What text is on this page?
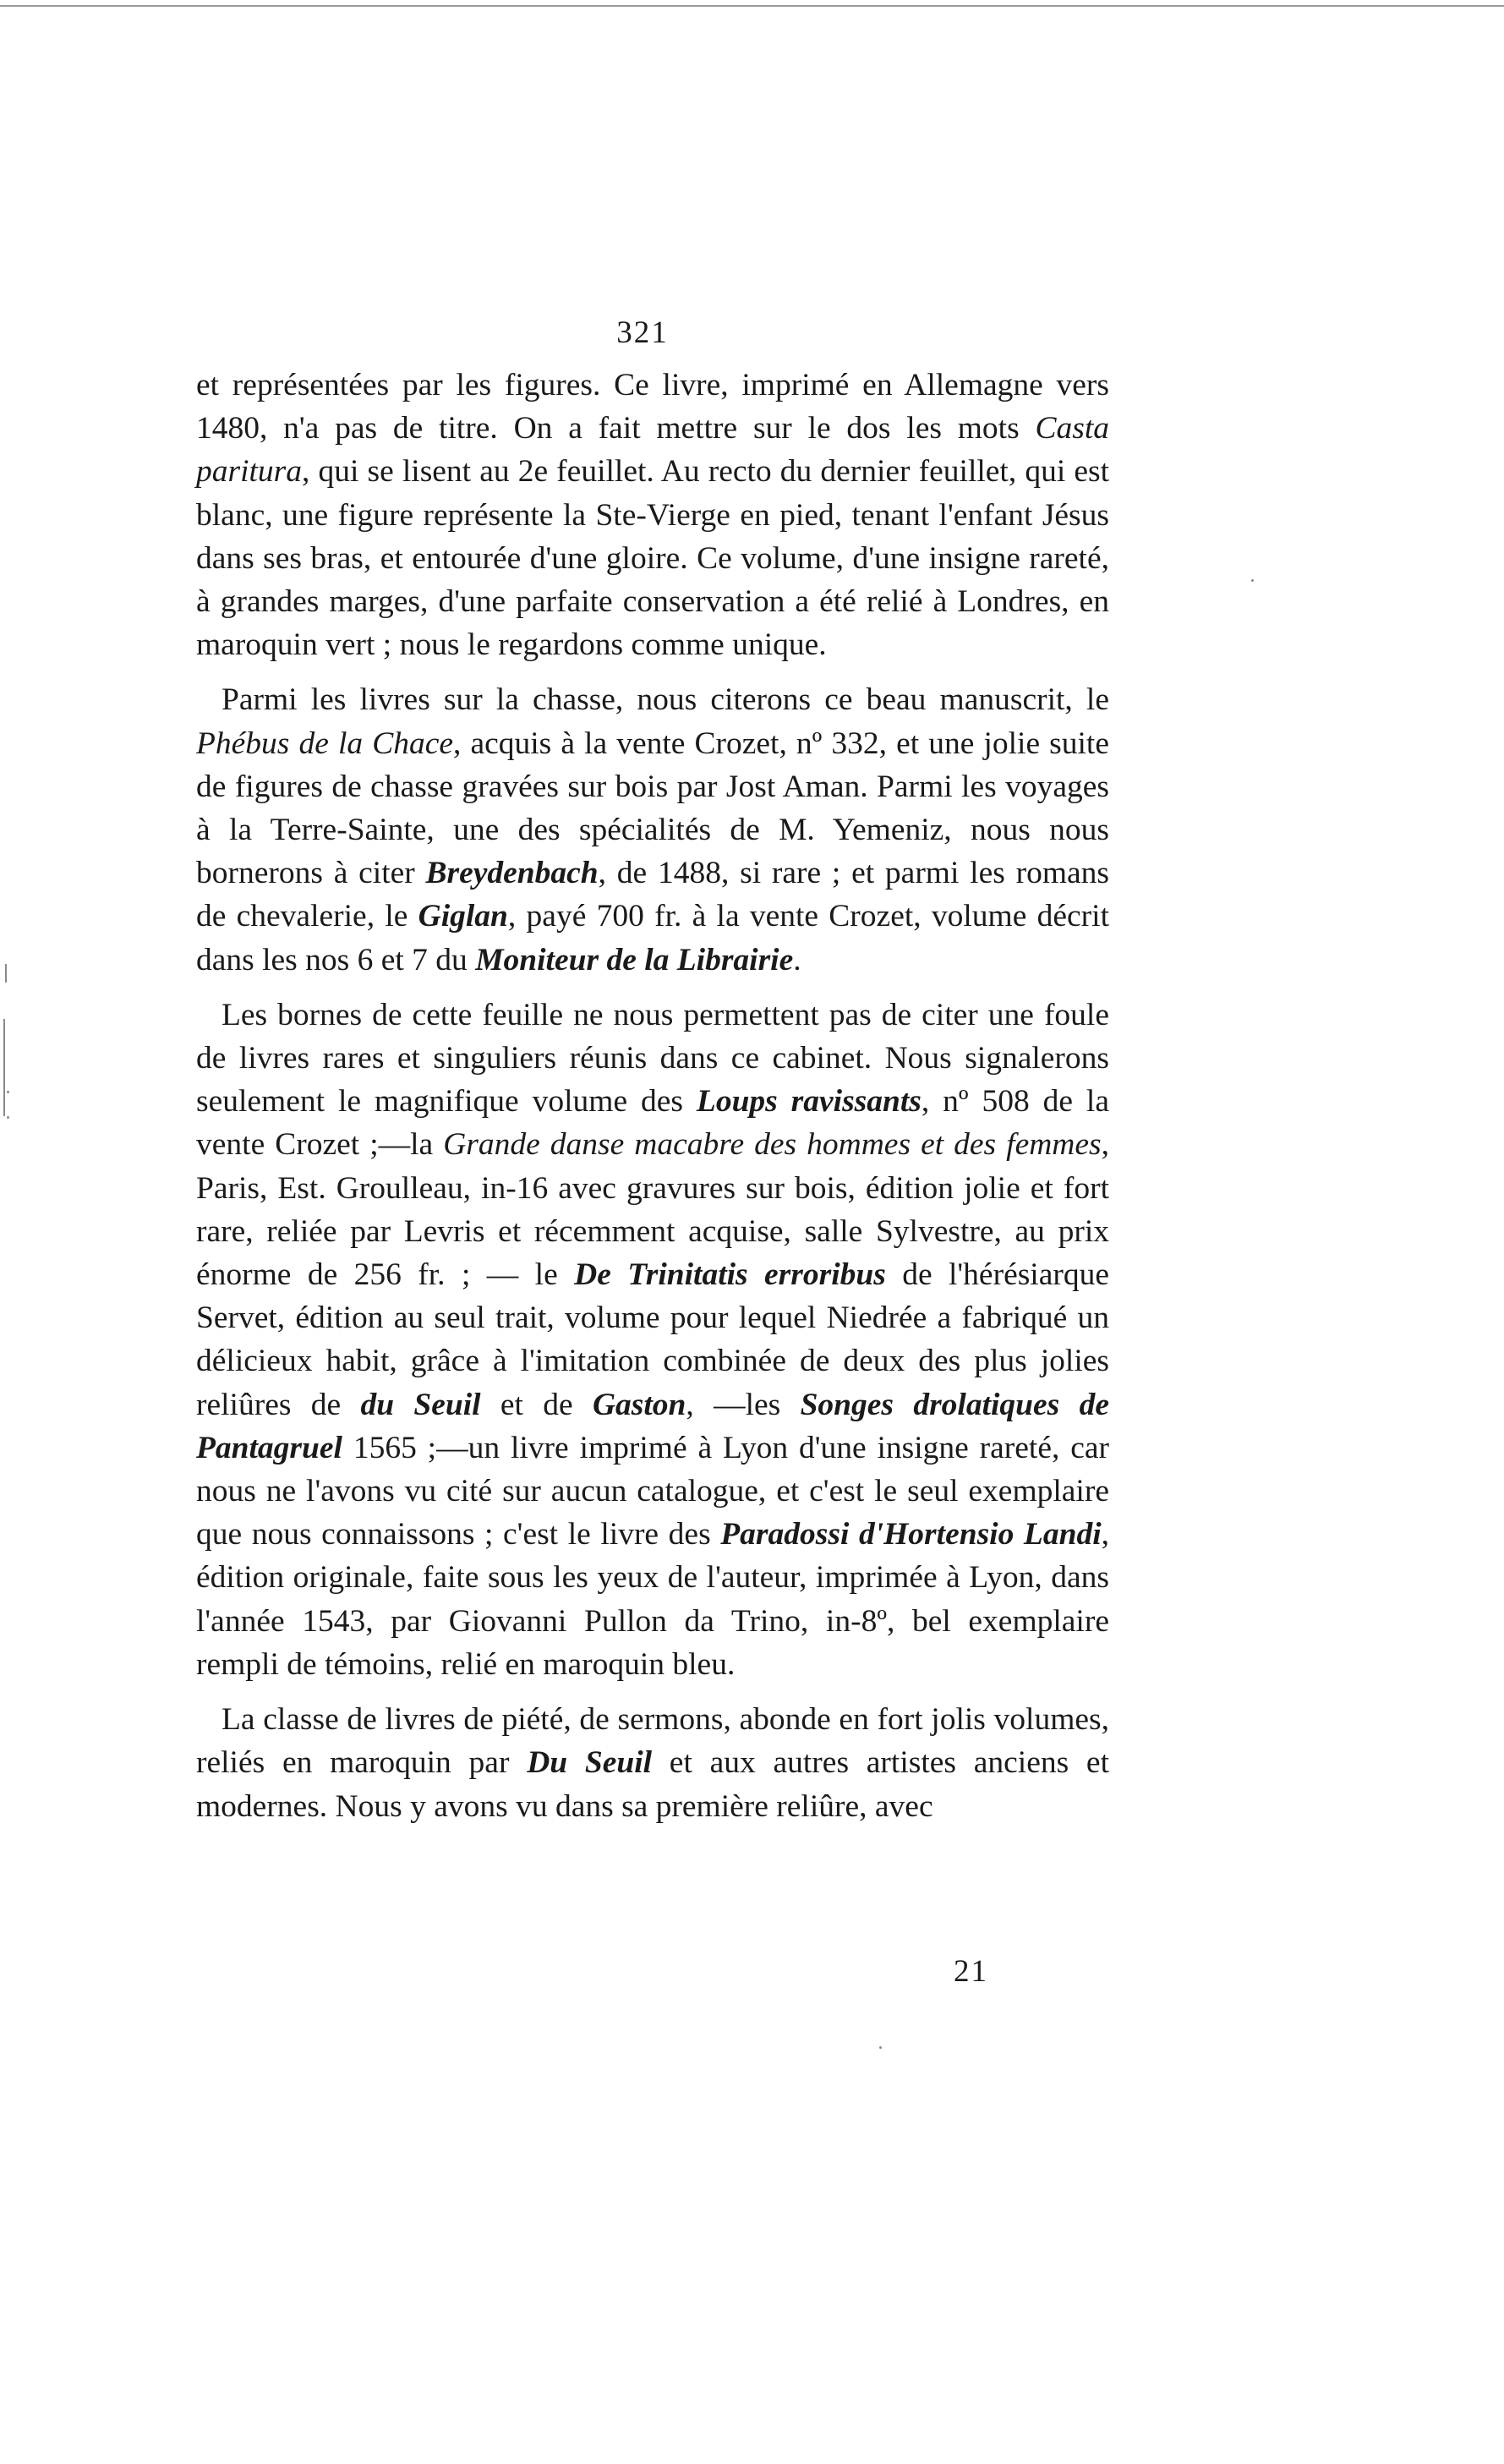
321

et représentées par les figures. Ce livre, imprimé en Allemagne vers 1480, n'a pas de titre. On a fait mettre sur le dos les mots Casta paritura, qui se lisent au 2e feuillet. Au recto du dernier feuillet, qui est blanc, une figure représente la Ste-Vierge en pied, tenant l'enfant Jésus dans ses bras, et entourée d'une gloire. Ce volume, d'une insigne rareté, à grandes marges, d'une parfaite conservation a été relié à Londres, en maroquin vert ; nous le regardons comme unique.

Parmi les livres sur la chasse, nous citerons ce beau manuscrit, le Phébus de la Chace, acquis à la vente Crozet, nº 332, et une jolie suite de figures de chasse gravées sur bois par Jost Aman. Parmi les voyages à la Terre-Sainte, une des spécialités de M. Yemeniz, nous nous bornerons à citer Breydenbach, de 1488, si rare ; et parmi les romans de chevalerie, le Giglan, payé 700 fr. à la vente Crozet, volume décrit dans les nos 6 et 7 du Moniteur de la Librairie.

Les bornes de cette feuille ne nous permettent pas de citer une foule de livres rares et singuliers réunis dans ce cabinet. Nous signalerons seulement le magnifique volume des Loups ravissants, nº 508 de la vente Crozet ;—la Grande danse macabre des hommes et des femmes, Paris, Est. Groulleau, in-16 avec gravures sur bois, édition jolie et fort rare, reliée par Levris et récemment acquise, salle Sylvestre, au prix énorme de 256 fr. ; — le De Trinitatis erroribus de l'hérésiarque Servet, édition au seul trait, volume pour lequel Niedrée a fabriqué un délicieux habit, grâce à l'imitation combinée de deux des plus jolies reliûres de du Seuil et de Gaston, —les Songes drolatiques de Pantagruel 1565 ;—un livre imprimé à Lyon d'une insigne rareté, car nous ne l'avons vu cité sur aucun catalogue, et c'est le seul exemplaire que nous connaissons ; c'est le livre des Paradossi d'Hortensio Landi, édition originale, faite sous les yeux de l'auteur, imprimée à Lyon, dans l'année 1543, par Giovanni Pullon da Trino, in-8º, bel exemplaire rempli de témoins, relié en maroquin bleu.

La classe de livres de piété, de sermons, abonde en fort jolis volumes, reliés en maroquin par Du Seuil et aux autres artistes anciens et modernes. Nous y avons vu dans sa première reliûre, avec

21
